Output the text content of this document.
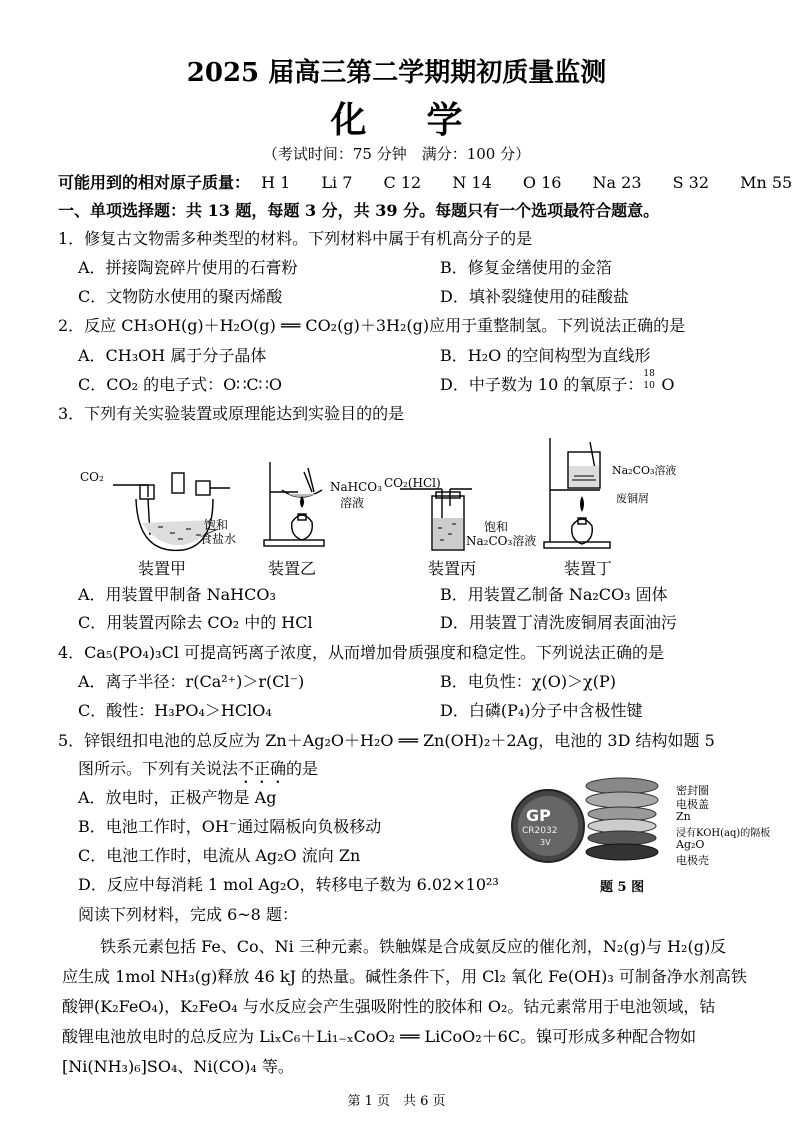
2025 届高三第二学期期初质量监测
化学
（考试时间：75 分钟　满分：100 分）
可能用到的相对原子质量： H 1 Li 7 C 12 N 14 O 16 Na 23 S 32 Mn 55
一、单项选择题：共 13 题，每题 3 分，共 39 分。每题只有一个选项最符合题意。
1．修复古文物需多种类型的材料。下列材料中属于有机高分子的是
A．拼接陶瓷碎片使用的石膏粉	B．修复金缮使用的金箔
C．文物防水使用的聚丙烯酸	D．填补裂缝使用的硅酸盐
2．反应 CH₃OH(g)＋H₂O(g) ══ CO₂(g)＋3H₂(g)应用于重整制氢。下列说法正确的是
A．CH₃OH 属于分子晶体	B．H₂O 的空间构型为直线形
C．CO₂ 的电子式：O∷C∷O	D．中子数为 10 的氧原子：
18
10 O
3．下列有关实验装置或原理能达到实验目的的是
CO₂
饱和
食盐水
装置甲
NaHCO₃
溶液
装置乙
CO₂(HCl)
饱和
Na₂CO₃溶液
装置丙
Na₂CO₃溶液
废铜屑
装置丁
A．用装置甲制备 NaHCO₃	B．用装置乙制备 Na₂CO₃ 固体
C．用装置丙除去 CO₂ 中的 HCl	D．用装置丁清洗废铜屑表面油污
4．Ca₅(PO₄)₃Cl 可提高钙离子浓度，从而增加骨质强度和稳定性。下列说法正确的是
A．离子半径：r(Ca²⁺)＞r(Cl⁻)	B．电负性：χ(O)＞χ(P)
C．酸性：H₃PO₄＞HClO₄	D．白磷(P₄)分子中含极性键
5．锌银纽扣电池的总反应为 Zn＋Ag₂O＋H₂O ══ Zn(OH)₂＋2Ag，电池的 3D 结构如题 5
图所示。下列有关说法不正确的是
A．放电时，正极产物是 Ag
B．电池工作时，OH⁻通过隔板向负极移动
C．电池工作时，电流从 Ag₂O 流向 Zn
D．反应中每消耗 1 mol Ag₂O，转移电子数为 6.02×10²³
GP
CR2032
3V
密封圈
电极盖
Zn
浸有KOH(aq)的隔板
Ag₂O
电极壳
题 5 图
阅读下列材料，完成 6~8 题：
铁系元素包括 Fe、Co、Ni 三种元素。铁触媒是合成氨反应的催化剂，N₂(g)与 H₂(g)反
应生成 1mol NH₃(g)释放 46 kJ 的热量。碱性条件下，用 Cl₂ 氧化 Fe(OH)₃ 可制备净水剂高铁
酸钾(K₂FeO₄)，K₂FeO₄ 与水反应会产生强吸附性的胶体和 O₂。钴元素常用于电池领域，钴
酸锂电池放电时的总反应为 LiₓC₆＋Li₁₋ₓCoO₂ ══ LiCoO₂＋6C。镍可形成多种配合物如
[Ni(NH₃)₆]SO₄、Ni(CO)₄ 等。
第 1 页　共 6 页
